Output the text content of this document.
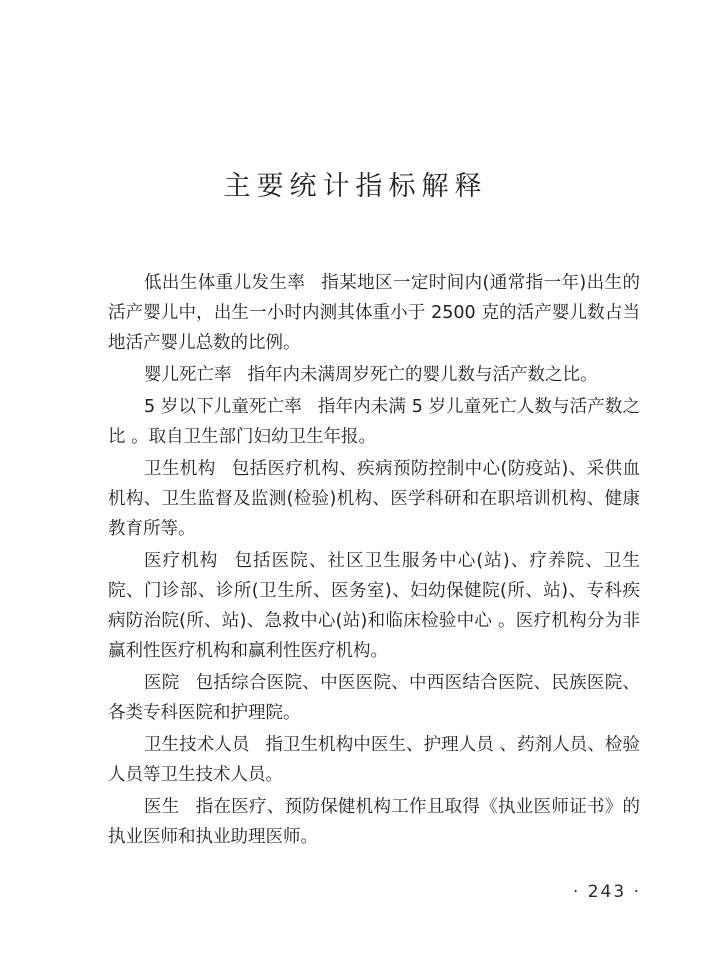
主要统计指标解释

低出生体重儿发生率 指某地区一定时间内(通常指一年)出生的活产婴儿中，出生一小时内测其体重小于 2500 克的活产婴儿数占当地活产婴儿总数的比例。

婴儿死亡率 指年内未满周岁死亡的婴儿数与活产数之比。

5 岁以下儿童死亡率 指年内未满 5 岁儿童死亡人数与活产数之比 。取自卫生部门妇幼卫生年报。

卫生机构 包括医疗机构、疾病预防控制中心(防疫站)、采供血机构、卫生监督及监测(检验)机构、医学科研和在职培训机构、健康教育所等。

医疗机构 包括医院、社区卫生服务中心(站)、疗养院、卫生院、门诊部、诊所(卫生所、医务室)、妇幼保健院(所、站)、专科疾病防治院(所、站)、急救中心(站)和临床检验中心 。医疗机构分为非赢利性医疗机构和赢利性医疗机构。

医院 包括综合医院、中医医院、中西医结合医院、民族医院、各类专科医院和护理院。

卫生技术人员 指卫生机构中医生、护理人员 、药剂人员、检验人员等卫生技术人员。

医生 指在医疗、预防保健机构工作且取得《执业医师证书》的执业医师和执业助理医师。

· 243 ·
